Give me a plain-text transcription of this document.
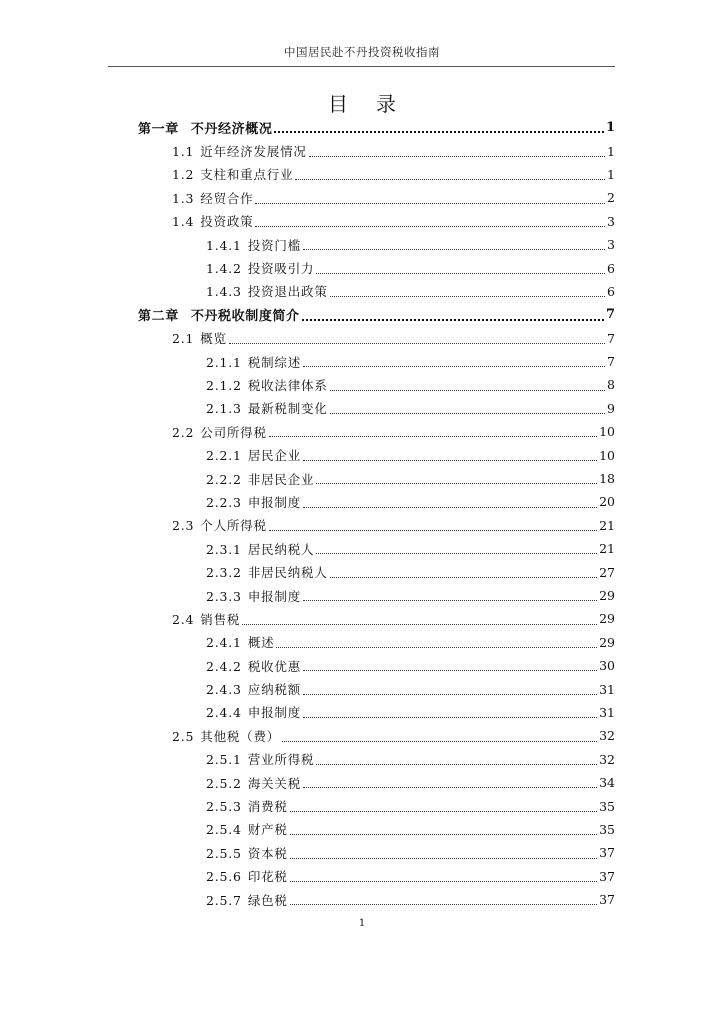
中国居民赴不丹投资税收指南
目录
第一章 不丹经济概况	1
1.1 近年经济发展情况	1
1.2 支柱和重点行业	1
1.3 经贸合作	2
1.4 投资政策	3
1.4.1 投资门槛	3
1.4.2 投资吸引力	6
1.4.3 投资退出政策	6
第二章 不丹税收制度简介	7
2.1 概览	7
2.1.1 税制综述	7
2.1.2 税收法律体系	8
2.1.3 最新税制变化	9
2.2 公司所得税	10
2.2.1 居民企业	10
2.2.2 非居民企业	18
2.2.3 申报制度	20
2.3 个人所得税	21
2.3.1 居民纳税人	21
2.3.2 非居民纳税人	27
2.3.3 申报制度	29
2.4 销售税	29
2.4.1 概述	29
2.4.2 税收优惠	30
2.4.3 应纳税额	31
2.4.4 申报制度	31
2.5 其他税（费）	32
2.5.1 营业所得税	32
2.5.2 海关关税	34
2.5.3 消费税	35
2.5.4 财产税	35
2.5.5 资本税	37
2.5.6 印花税	37
2.5.7 绿色税	37
1
